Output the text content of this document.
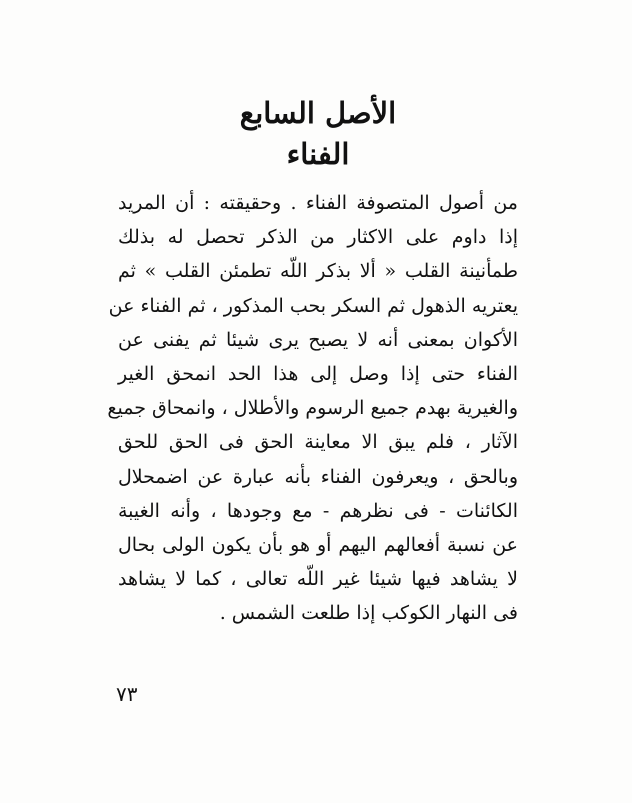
الأصل السابع
الفناء
من أصول المتصوفة الفناء . وحقيقته : أن المريد
إذا داوم على الاكثار من الذكر تحصل له بذلك
طمأنينة القلب « ألا بذكر اللّه تطمئن القلب » ثم
يعتريه الذهول ثم السكر بحب المذكور ، ثم الفناء عن
الأكوان بمعنى أنه لا يصبح يرى شيئا ثم يفنى عن
الفناء حتى إذا وصل إلى هذا الحد انمحق الغير
والغيرية بهدم جميع الرسوم والأطلال ، وانمحاق جميع
الآثار ، فلم يبق الا معاينة الحق فى الحق للحق
وبالحق ، ويعرفون الفناء بأنه عبارة عن اضمحلال
الكائنات - فى نظرهم - مع وجودها ، وأنه الغيبة
عن نسبة أفعالهم اليهم أو هو بأن يكون الولى بحال
لا يشاهد فيها شيئا غير اللّه تعالى ، كما لا يشاهد
فى النهار الكوكب إذا طلعت الشمس .
٧٣
